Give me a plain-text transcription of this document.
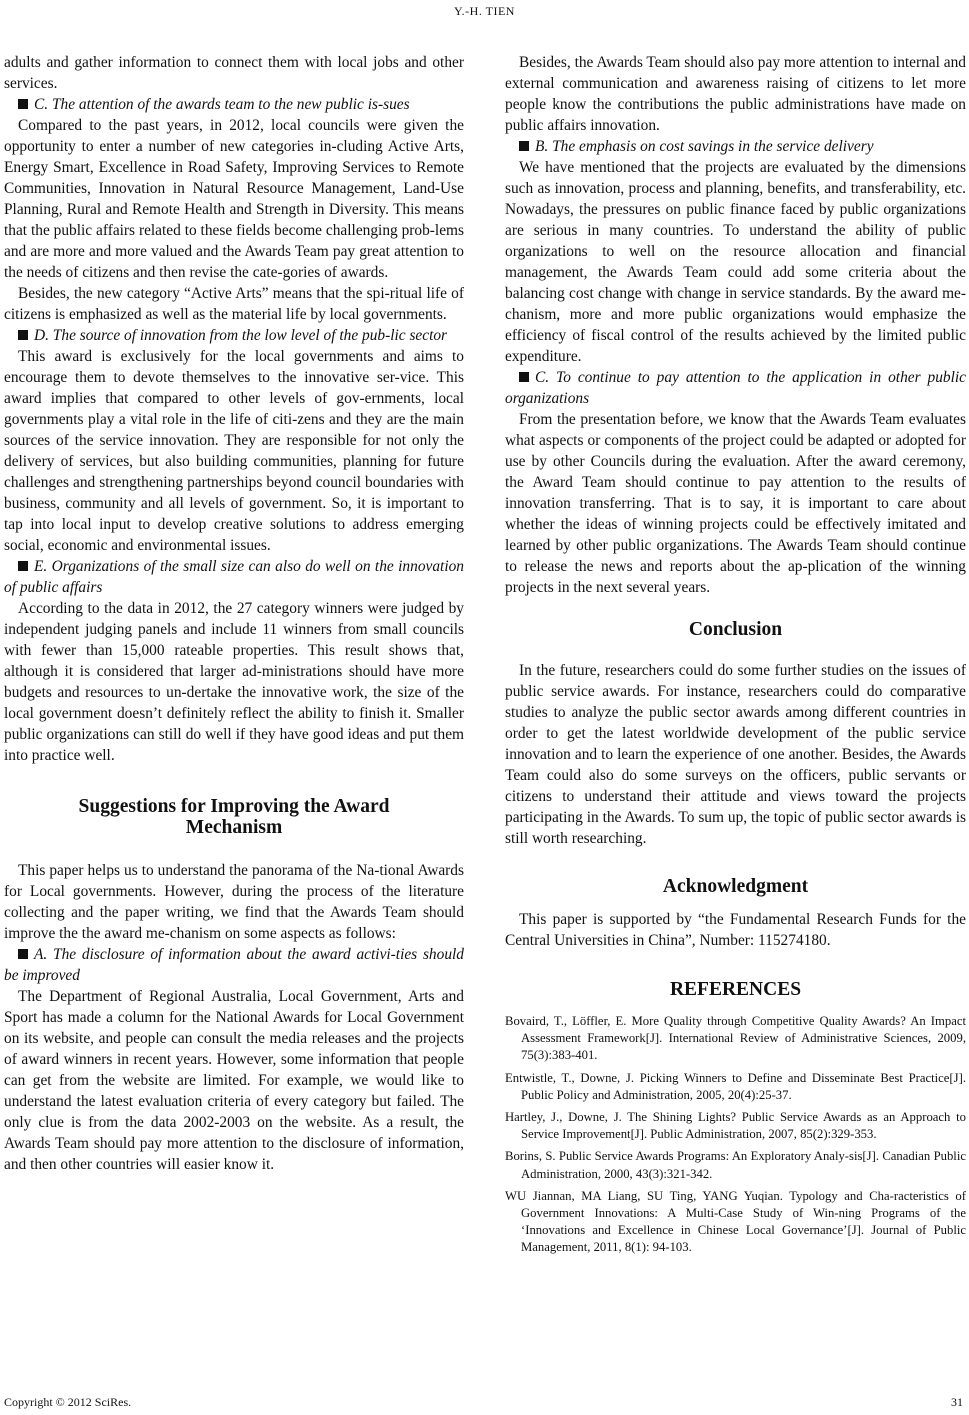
Y.-H. TIEN

adults and gather information to connect them with local jobs and other services.

C. The attention of the awards team to the new public is-sues

Compared to the past years, in 2012, local councils were given the opportunity to enter a number of new categories in-cluding Active Arts, Energy Smart, Excellence in Road Safety, Improving Services to Remote Communities, Innovation in Natural Resource Management, Land-Use Planning, Rural and Remote Health and Strength in Diversity. This means that the public affairs related to these fields become challenging prob-lems and are more and more valued and the Awards Team pay great attention to the needs of citizens and then revise the cate-gories of awards.

Besides, the new category “Active Arts” means that the spi-ritual life of citizens is emphasized as well as the material life by local governments.

D. The source of innovation from the low level of the pub-lic sector

This award is exclusively for the local governments and aims to encourage them to devote themselves to the innovative ser-vice. This award implies that compared to other levels of gov-ernments, local governments play a vital role in the life of citi-zens and they are the main sources of the service innovation. They are responsible for not only the delivery of services, but also building communities, planning for future challenges and strengthening partnerships beyond council boundaries with business, community and all levels of government. So, it is important to tap into local input to develop creative solutions to address emerging social, economic and environmental issues.

E. Organizations of the small size can also do well on the innovation of public affairs

According to the data in 2012, the 27 category winners were judged by independent judging panels and include 11 winners from small councils with fewer than 15,000 rateable properties. This result shows that, although it is considered that larger ad-ministrations should have more budgets and resources to un-dertake the innovative work, the size of the local government doesn’t definitely reflect the ability to finish it. Smaller public organizations can still do well if they have good ideas and put them into practice well.

Suggestions for Improving the Award
Mechanism

This paper helps us to understand the panorama of the Na-tional Awards for Local governments. However, during the process of the literature collecting and the paper writing, we find that the Awards Team should improve the the award me-chanism on some aspects as follows:

A. The disclosure of information about the award activi-ties should be improved

The Department of Regional Australia, Local Government, Arts and Sport has made a column for the National Awards for Local Government on its website, and people can consult the media releases and the projects of award winners in recent years. However, some information that people can get from the website are limited. For example, we would like to understand the latest evaluation criteria of every category but failed. The only clue is from the data 2002-2003 on the website. As a result, the Awards Team should pay more attention to the disclosure of information, and then other countries will easier know it.

Besides, the Awards Team should also pay more attention to internal and external communication and awareness raising of citizens to let more people know the contributions the public administrations have made on public affairs innovation.

B. The emphasis on cost savings in the service delivery

We have mentioned that the projects are evaluated by the dimensions such as innovation, process and planning, benefits, and transferability, etc. Nowadays, the pressures on public finance faced by public organizations are serious in many countries. To understand the ability of public organizations to well on the resource allocation and financial management, the Awards Team could add some criteria about the balancing cost change with change in service standards. By the award me-chanism, more and more public organizations would emphasize the efficiency of fiscal control of the results achieved by the limited public expenditure.

C. To continue to pay attention to the application in other public organizations

From the presentation before, we know that the Awards Team evaluates what aspects or components of the project could be adapted or adopted for use by other Councils during the evaluation. After the award ceremony, the Award Team should continue to pay attention to the results of innovation transferring. That is to say, it is important to care about whether the ideas of winning projects could be effectively imitated and learned by other public organizations. The Awards Team should continue to release the news and reports about the ap-plication of the winning projects in the next several years.

Conclusion

In the future, researchers could do some further studies on the issues of public service awards. For instance, researchers could do comparative studies to analyze the public sector awards among different countries in order to get the latest worldwide development of the public service innovation and to learn the experience of one another. Besides, the Awards Team could also do some surveys on the officers, public servants or citizens to understand their attitude and views toward the projects participating in the Awards. To sum up, the topic of public sector awards is still worth researching.

Acknowledgment

This paper is supported by “the Fundamental Research Funds for the Central Universities in China”, Number: 115274180.

REFERENCES

Bovaird, T., Löffler, E. More Quality through Competitive Quality Awards? An Impact Assessment Framework[J]. International Review of Administrative Sciences, 2009, 75(3):383-401.

Entwistle, T., Downe, J. Picking Winners to Define and Disseminate Best Practice[J]. Public Policy and Administration, 2005, 20(4):25-37.

Hartley, J., Downe, J. The Shining Lights? Public Service Awards as an Approach to Service Improvement[J]. Public Administration, 2007, 85(2):329-353.

Borins, S. Public Service Awards Programs: An Exploratory Analy-sis[J]. Canadian Public Administration, 2000, 43(3):321-342.

WU Jiannan, MA Liang, SU Ting, YANG Yuqian. Typology and Cha-racteristics of Government Innovations: A Multi-Case Study of Win-ning Programs of the ‘Innovations and Excellence in Chinese Local Governance’[J]. Journal of Public Management, 2011, 8(1): 94-103.

Copyright © 2012 SciRes.	31
